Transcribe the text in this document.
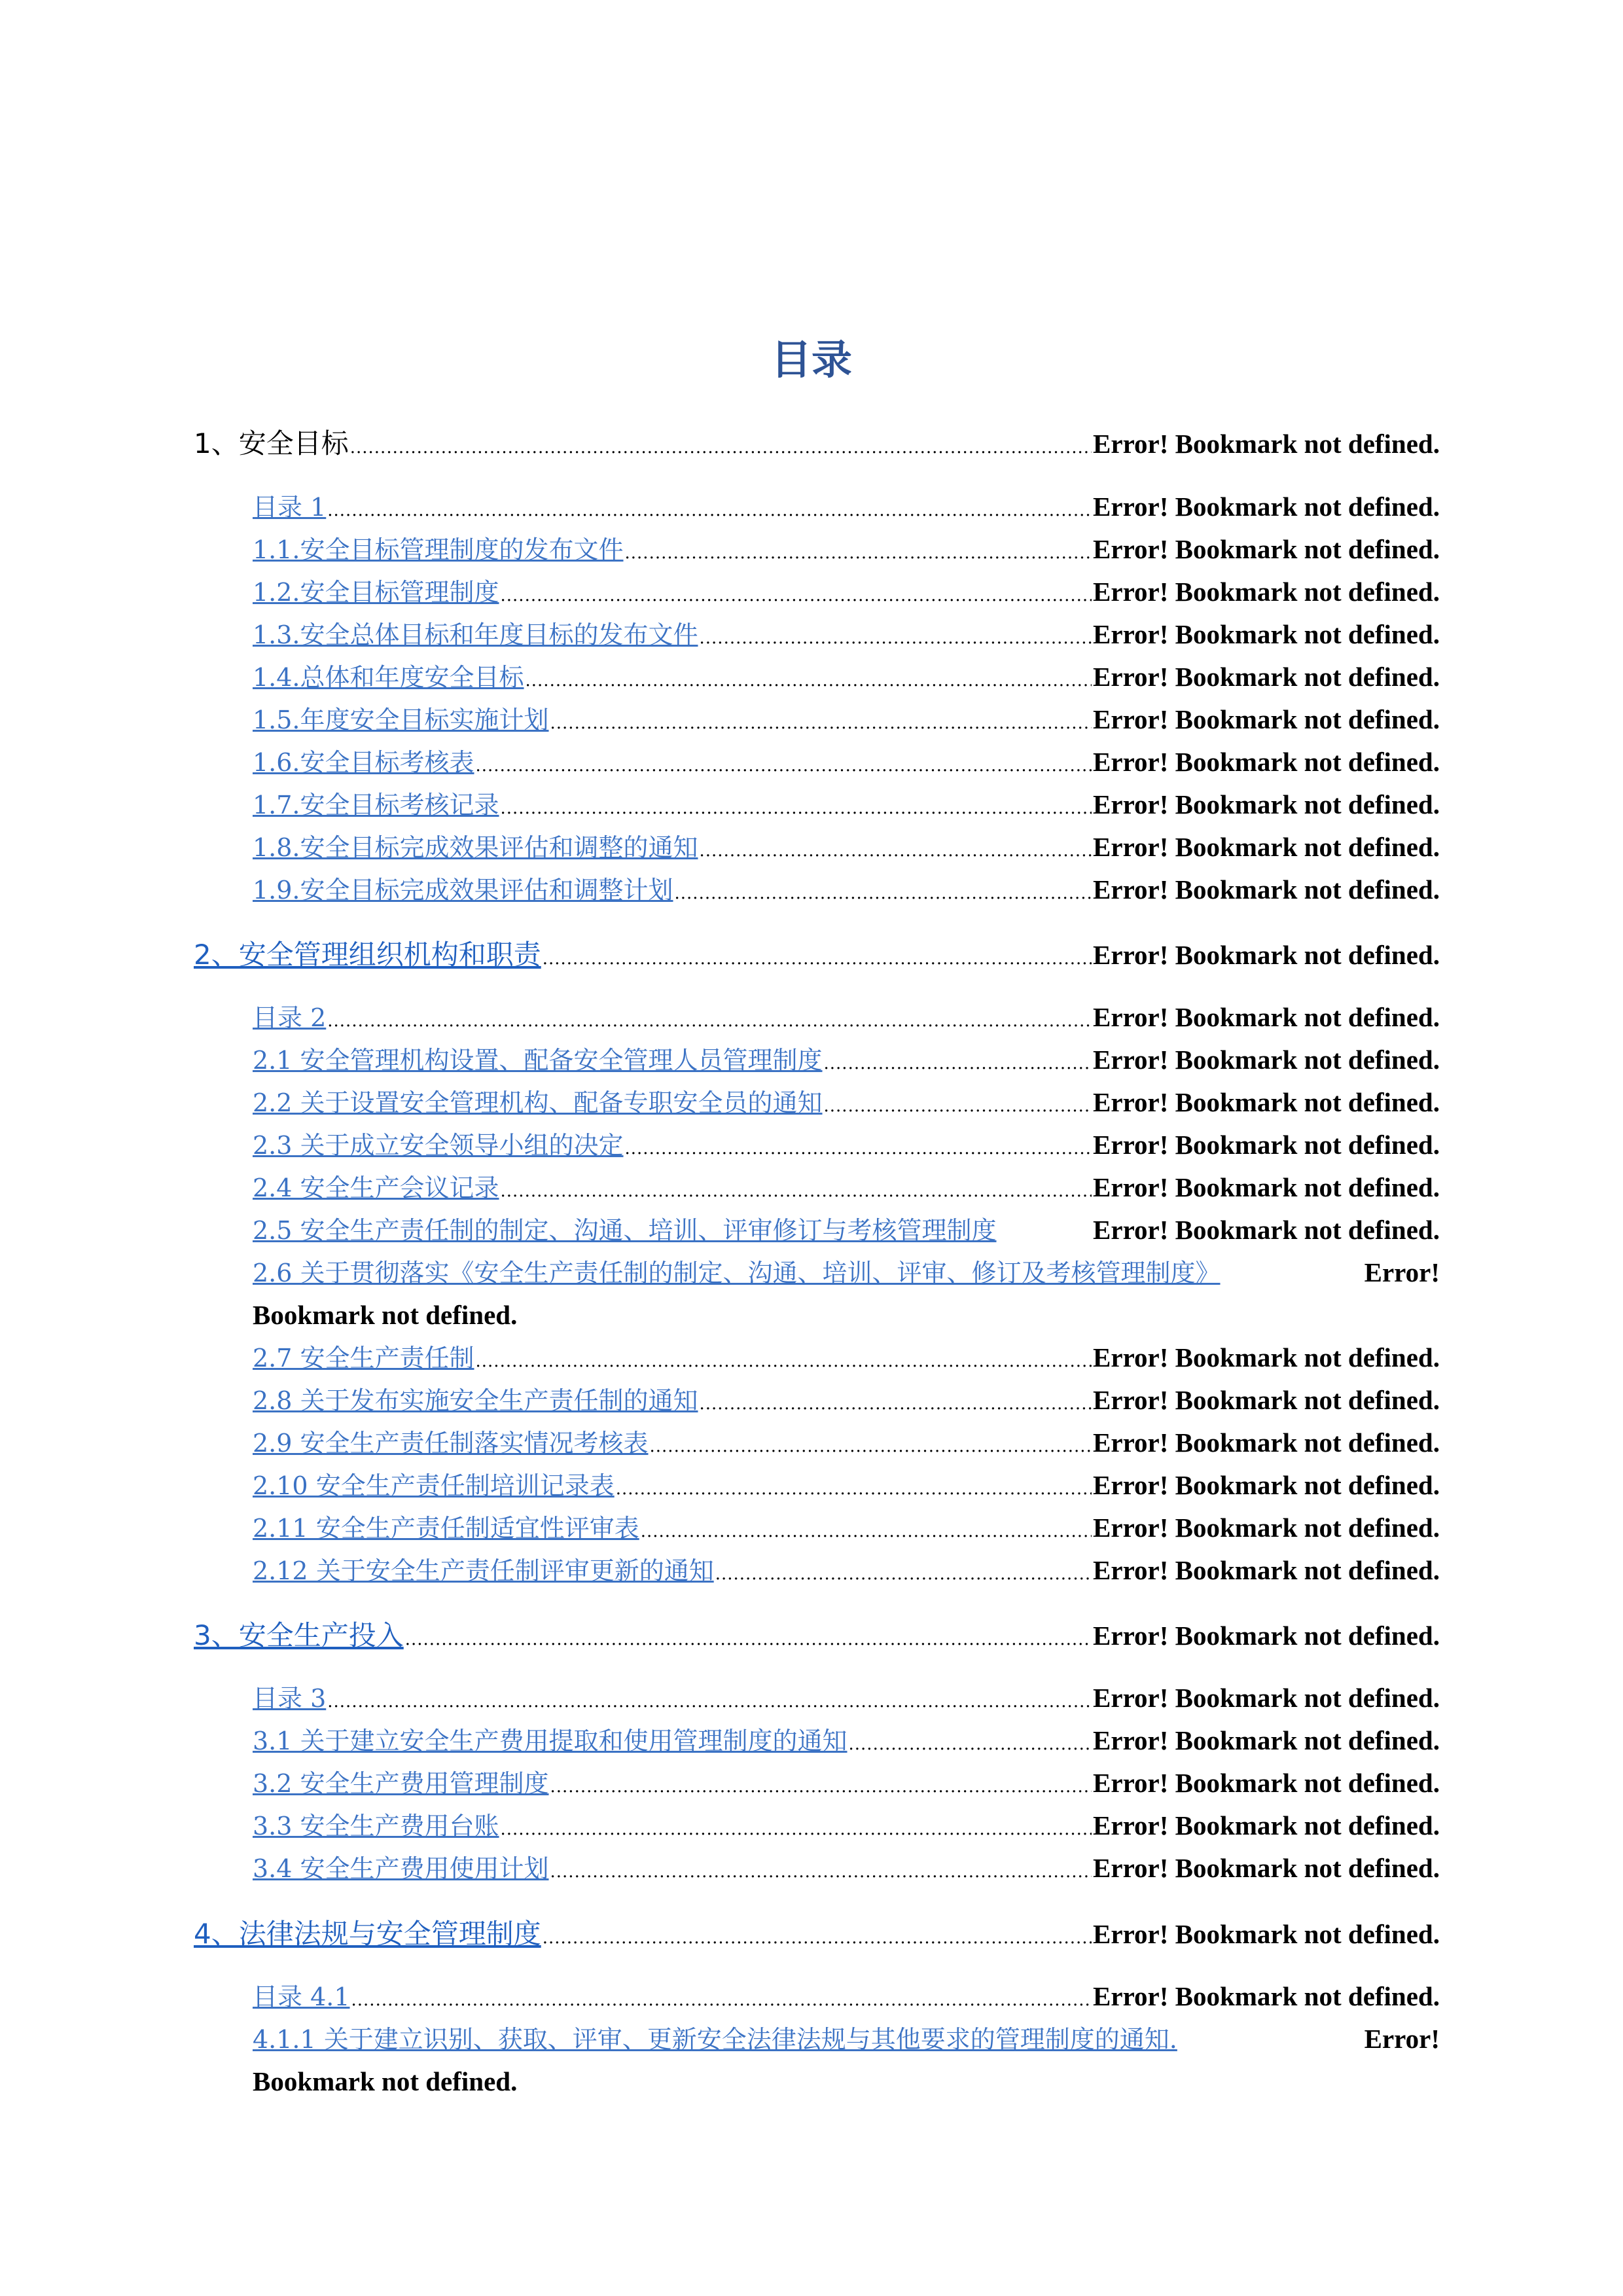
目录
1、安全目标 .....	Error! Bookmark not defined.
目录 1 .....	Error! Bookmark not defined.
1.1.安全目标管理制度的发布文件 .....	Error! Bookmark not defined.
1.2.安全目标管理制度 .....	Error! Bookmark not defined.
1.3.安全总体目标和年度目标的发布文件 .....	Error! Bookmark not defined.
1.4.总体和年度安全目标 .....	Error! Bookmark not defined.
1.5.年度安全目标实施计划 .....	Error! Bookmark not defined.
1.6.安全目标考核表 .....	Error! Bookmark not defined.
1.7.安全目标考核记录 .....	Error! Bookmark not defined.
1.8.安全目标完成效果评估和调整的通知 .....	Error! Bookmark not defined.
1.9.安全目标完成效果评估和调整计划 .....	Error! Bookmark not defined.
2、安全管理组织机构和职责 .....	Error! Bookmark not defined.
目录 2 .....	Error! Bookmark not defined.
2.1 安全管理机构设置、配备安全管理人员管理制度 .....	Error! Bookmark not defined.
2.2 关于设置安全管理机构、配备专职安全员的通知 .....	Error! Bookmark not defined.
2.3 关于成立安全领导小组的决定 .....	Error! Bookmark not defined.
2.4 安全生产会议记录 .....	Error! Bookmark not defined.
2.5 安全生产责任制的制定、沟通、培训、评审修订与考核管理制度	Error! Bookmark not defined.
2.6 关于贯彻落实《安全生产责任制的制定、沟通、培训、评审、修订及考核管理制度》	Error!
Bookmark not defined.
2.7 安全生产责任制 .....	Error! Bookmark not defined.
2.8 关于发布实施安全生产责任制的通知 .....	Error! Bookmark not defined.
2.9 安全生产责任制落实情况考核表 .....	Error! Bookmark not defined.
2.10 安全生产责任制培训记录表 .....	Error! Bookmark not defined.
2.11 安全生产责任制适宜性评审表 .....	Error! Bookmark not defined.
2.12 关于安全生产责任制评审更新的通知 .....	Error! Bookmark not defined.
3、安全生产投入 .....	Error! Bookmark not defined.
目录 3 .....	Error! Bookmark not defined.
3.1 关于建立安全生产费用提取和使用管理制度的通知 .....	Error! Bookmark not defined.
3.2 安全生产费用管理制度 .....	Error! Bookmark not defined.
3.3 安全生产费用台账 .....	Error! Bookmark not defined.
3.4 安全生产费用使用计划 .....	Error! Bookmark not defined.
4、法律法规与安全管理制度 .....	Error! Bookmark not defined.
目录 4.1 .....	Error! Bookmark not defined.
4.1.1 关于建立识别、获取、评审、更新安全法律法规与其他要求的管理制度的通知.	Error!
Bookmark not defined.
